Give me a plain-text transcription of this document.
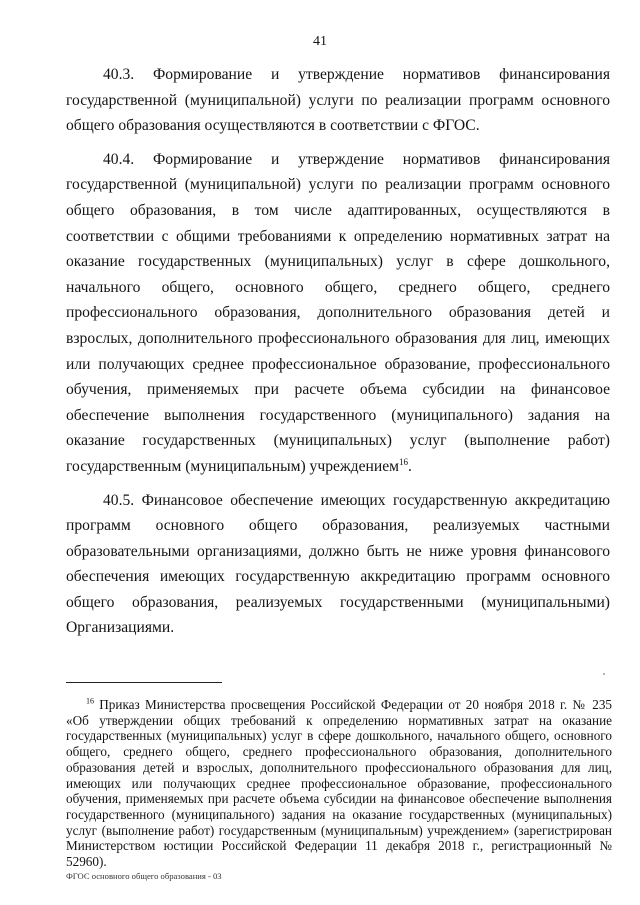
41

40.3. Формирование и утверждение нормативов финансирования государственной (муниципальной) услуги по реализации программ основного общего образования осуществляются в соответствии с ФГОС.

40.4. Формирование и утверждение нормативов финансирования государственной (муниципальной) услуги по реализации программ основного общего образования, в том числе адаптированных, осуществляются в соответствии с общими требованиями к определению нормативных затрат на оказание государственных (муниципальных) услуг в сфере дошкольного, начального общего, основного общего, среднего общего, среднего профессионального образования, дополнительного образования детей и взрослых, дополнительного профессионального образования для лиц, имеющих или получающих среднее профессиональное образование, профессионального обучения, применяемых при расчете объема субсидии на финансовое обеспечение выполнения государственного (муниципального) задания на оказание государственных (муниципальных) услуг (выполнение работ) государственным (муниципальным) учреждением$^{16}$.

40.5. Финансовое обеспечение имеющих государственную аккредитацию программ основного общего образования, реализуемых частными образовательными организациями, должно быть не ниже уровня финансового обеспечения имеющих государственную аккредитацию программ основного общего образования, реализуемых государственными (муниципальными) Организациями.

$^{16}$ Приказ Министерства просвещения Российской Федерации от 20 ноября 2018 г. № 235 «Об утверждении общих требований к определению нормативных затрат на оказание государственных (муниципальных) услуг в сфере дошкольного, начального общего, основного общего, среднего общего, среднего профессионального образования, дополнительного образования детей и взрослых, дополнительного профессионального образования для лиц, имеющих или получающих среднее профессиональное образование, профессионального обучения, применяемых при расчете объема субсидии на финансовое обеспечение выполнения государственного (муниципального) задания на оказание государственных (муниципальных) услуг (выполнение работ) государственным (муниципальным) учреждением» (зарегистрирован Министерством юстиции Российской Федерации 11 декабря 2018 г., регистрационный № 52960).

ФГОС основного общего образования - 03
